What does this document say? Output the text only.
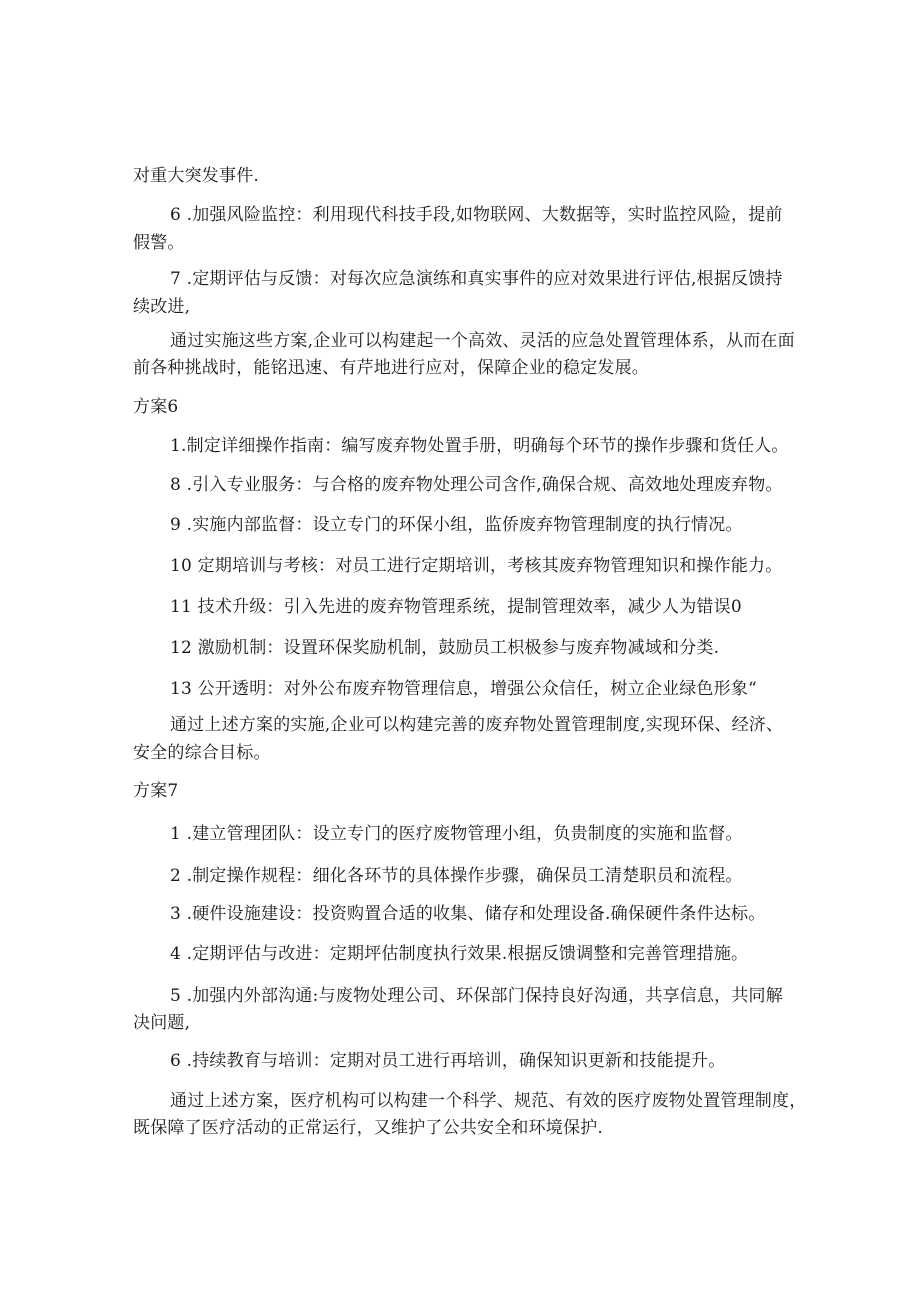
对重大突发事件.
6 .加强风险监控：利用现代科技手段,如物联网、大数据等，实时监控风险，提前
假警。
7 .定期评估与反馈：对每次应急演练和真实事件的应对效果进行评估,根据反馈持
续改进,
通过实施这些方案,企业可以构建起一个高效、灵活的应急处置管理体系，从而在面
前各种挑战时，能铭迅速、有芹地进行应对，保障企业的稳定发展。
方案6
1.制定详细操作指南：编写废弃物处置手册，明确每个环节的操作步骤和货任人。
8 .引入专业服务：与合格的废弃物处理公司含作,确保合规、高效地处理废弃物。
9 .实施内部监督：设立专门的环保小组，监侨废弃物管理制度的执行情况。
10 定期培训与考核：对员工进行定期培训，考核其废弃物管理知识和操作能力。
11 技术升级：引入先进的废弃物管理系统，提制管理效率，减少人为错误0
12 激励机制：设置环保奖励机制，鼓励员工枳极参与废弃物减域和分类.
13 公开透明：对外公布废弃物管理信息，增强公众信任，树立企业绿色形象“
通过上述方案的实施,企业可以构建完善的废弃物处置管理制度,实现环保、经济、
安全的综合目标。
方案7
1 .建立管理团队：设立专门的医疗废物管理小组，负贵制度的实施和监督。
2 .制定操作规程：细化各环节的具体操作步骤，确保员工清楚职员和流程。
3 .硬件设施建设：投资购置合适的收集、储存和处理设备.确保硬件条件达标。
4 .定期评估与改进：定期坪估制度执行效果.根据反馈调整和完善管理措施。
5 .加强内外部沟通:与废物处理公司、环保部门保持良好沟通，共享信息，共同解
决问题,
6 .持续教育与培训：定期对员工进行再培训，确保知识更新和技能提升。
通过上述方案，医疗机构可以构建一个科学、规范、有效的医疗废物处置管理制度，
既保障了医疗活动的正常运行，又维护了公共安全和环境保护.
